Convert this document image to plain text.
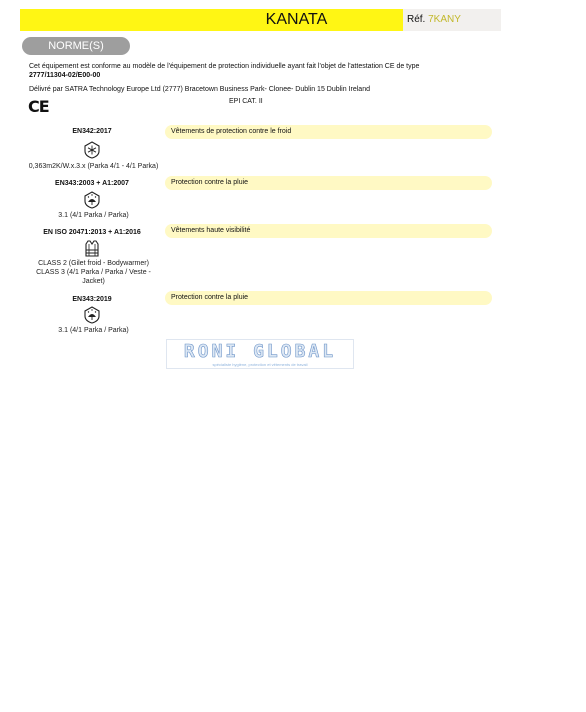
KANATA	Réf. 7KANY
NORME(S)
Cet équipement est conforme au modèle de l'équipement de protection individuelle ayant fait l'objet de l'attestation CE de type
2777/11304-02/E00-00
Délivré par SATRA Technology Europe Ltd (2777) Bracetown Business Park- Clonee- Dublin 15 Dublin Ireland
CE	EPI CAT. II
EN342:2017
0,363m2K/W.x.3.x (Parka 4/1 - 4/1 Parka)
Vêtements de protection contre le froid
EN343:2003 + A1:2007
3.1 (4/1 Parka / Parka)
Protection contre la pluie
EN ISO 20471:2013 + A1:2016
CLASS 2 (Gilet froid - Bodywarmer)
CLASS 3 (4/1 Parka / Parka / Veste -
Jacket)
Vêtements haute visibilité
EN343:2019
3.1 (4/1 Parka / Parka)
Protection contre la pluie
RONI GLOBAL
spécialiste hygiène, protection et vêtements de travail
